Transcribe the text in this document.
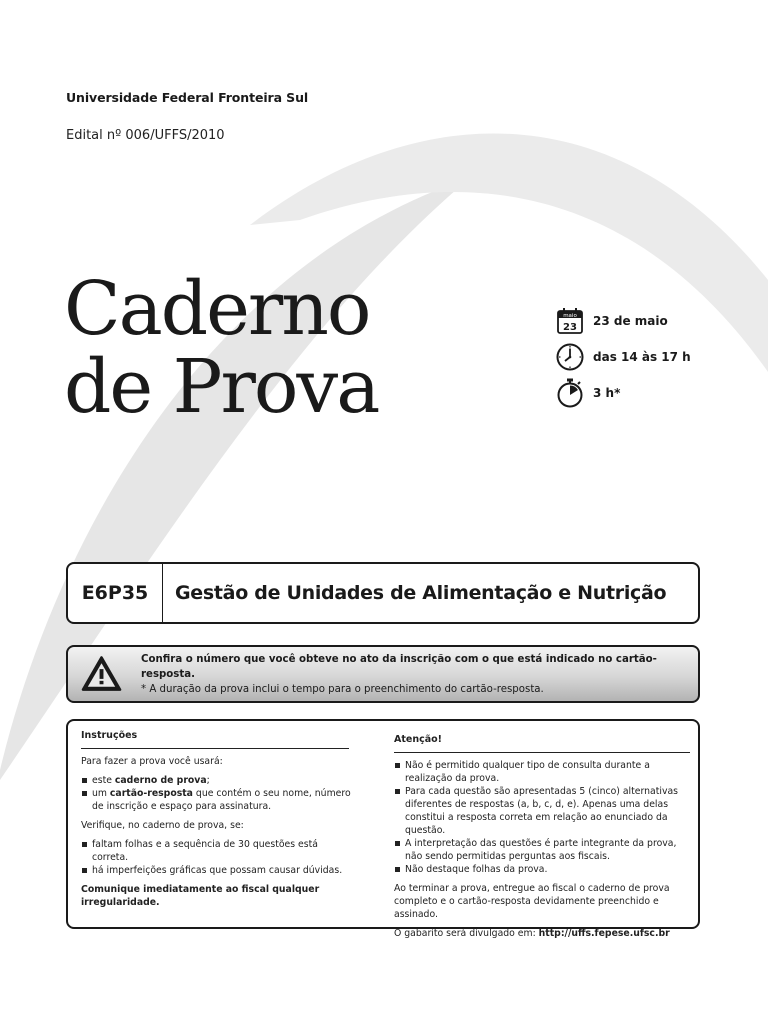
Universidade Federal Fronteira Sul
Edital nº 006/UFFS/2010
Caderno
de Prova
maio
23 23 de maio
das 14 às 17 h
3 h*
E6P35	Gestão de Unidades de Alimentação e Nutrição
Confira o número que você obteve no ato da inscrição com o que está indicado no cartão-resposta.
* A duração da prova inclui o tempo para o preenchimento do cartão-resposta.
Instruções

Para fazer a prova você usará:

este caderno de prova;
um cartão-resposta que contém o seu nome, número de inscrição e espaço para assinatura.

Verifique, no caderno de prova, se:

faltam folhas e a sequência de 30 questões está correta.
há imperfeições gráficas que possam causar dúvidas.

Comunique imediatamente ao fiscal qualquer irregularidade.

Atenção!
Não é permitido qualquer tipo de consulta durante a realização da prova.
Para cada questão são apresentadas 5 (cinco) alternativas diferentes de respostas (a, b, c, d, e). Apenas uma delas constitui a resposta correta em relação ao enunciado da questão.
A interpretação das questões é parte integrante da prova, não sendo permitidas perguntas aos fiscais.
Não destaque folhas da prova.

Ao terminar a prova, entregue ao fiscal o caderno de prova completo e o cartão-resposta devidamente preenchido e assinado.

O gabarito será divulgado em: http://uffs.fepese.ufsc.br
